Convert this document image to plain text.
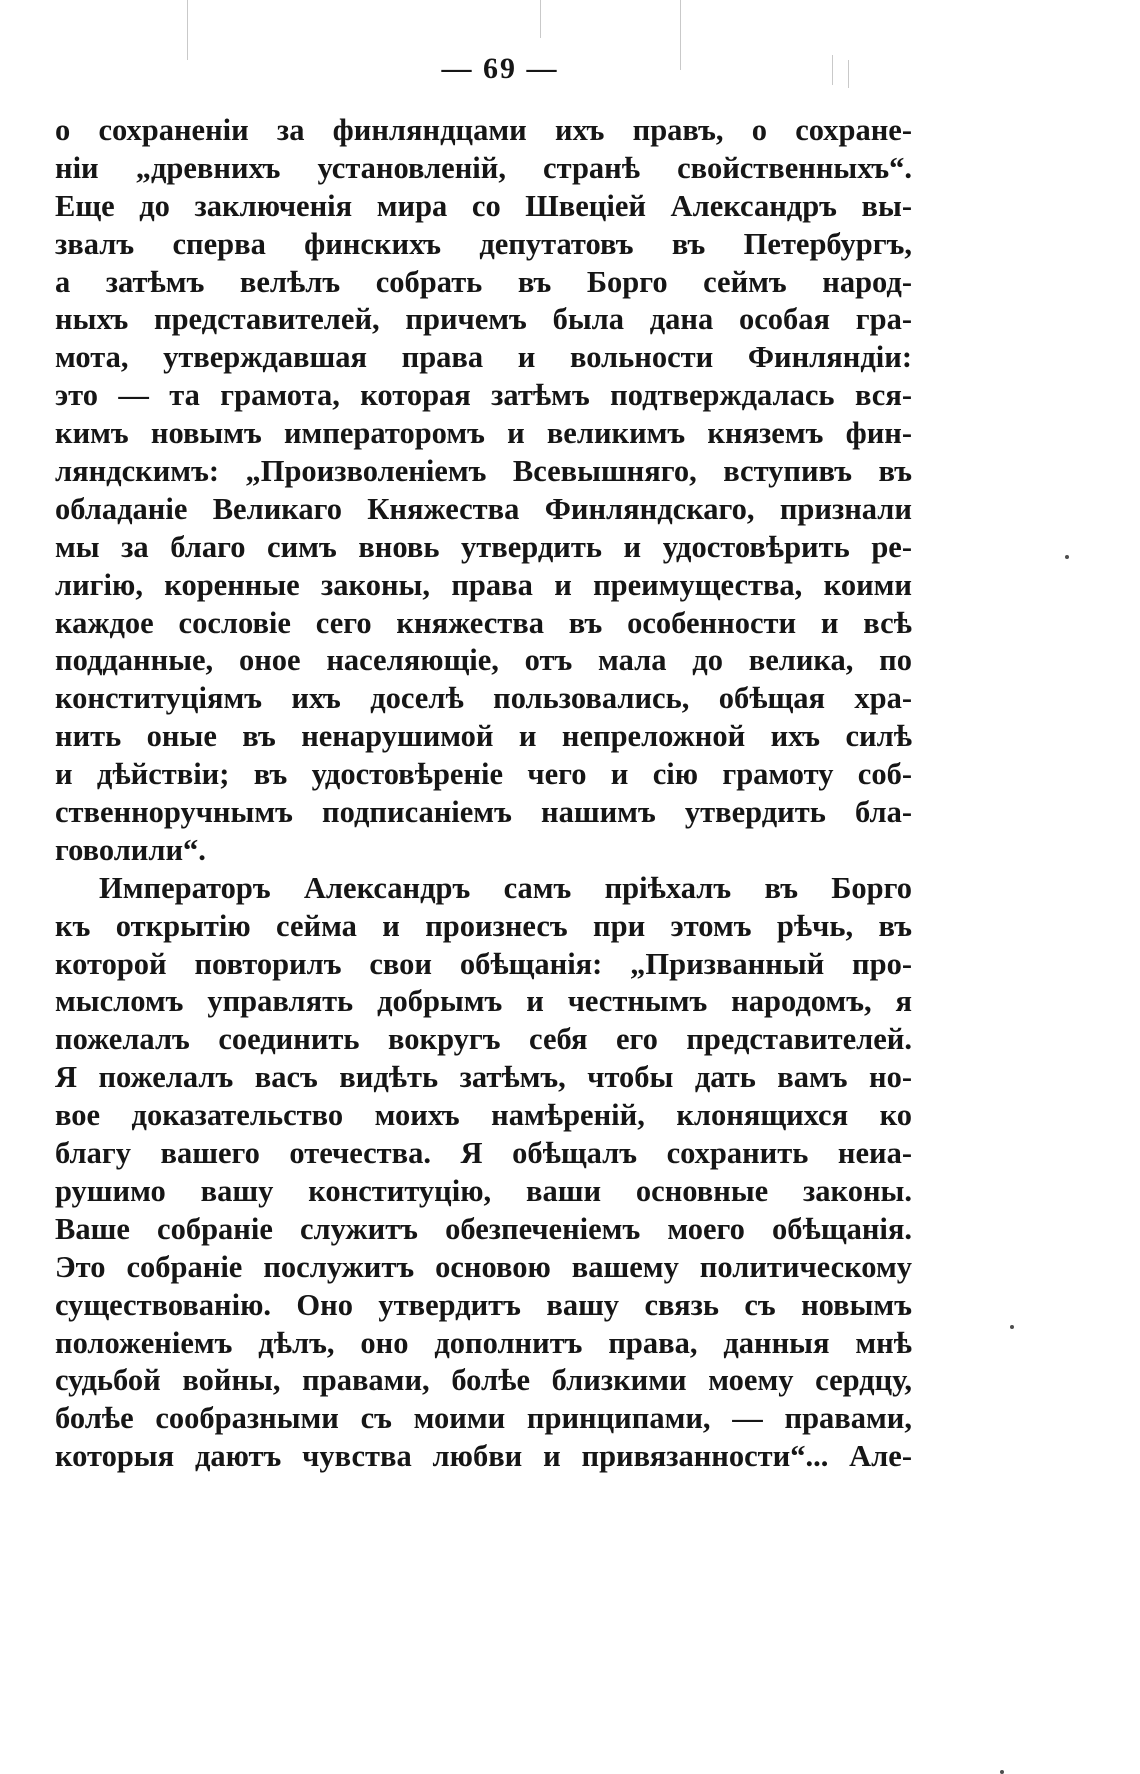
— 69 —
о сохраненіи за финляндцами ихъ правъ, о сохране-
ніи „древнихъ установленій, странѣ свойственныхъ“.
Еще до заключенія мира со Швеціей Александръ вы-
звалъ сперва финскихъ депутатовъ въ Петербургъ,
а затѣмъ велѣлъ собрать въ Борго сеймъ народ-
ныхъ представителей, причемъ была дана особая гра-
мота, утверждавшая права и вольности Финляндіи:
это — та грамота, которая затѣмъ подтверждалась вся-
кимъ новымъ императоромъ и великимъ княземъ фин-
ляндскимъ: „Произволеніемъ Всевышняго, вступивъ въ
обладаніе Великаго Княжества Финляндскаго, признали
мы за благо симъ вновь утвердить и удостовѣрить ре-
лигію, коренные законы, права и преимущества, коими
каждое сословіе сего княжества въ особенности и всѣ
подданные, оное населяющіе, отъ мала до велика, по
конституціямъ ихъ доселѣ пользовались, обѣщая хра-
нить оные въ ненарушимой и непреложной ихъ силѣ
и дѣйствіи; въ удостовѣреніе чего и сію грамоту соб-
ственноручнымъ подписаніемъ нашимъ утвердить бла-
говолили“.
Императоръ Александръ самъ пріѣхалъ въ Борго
къ открытію сейма и произнесъ при этомъ рѣчь, въ
которой повторилъ свои обѣщанія: „Призванный про-
мысломъ управлять добрымъ и честнымъ народомъ, я
пожелалъ соединить вокругъ себя его представителей.
Я пожелалъ васъ видѣть затѣмъ, чтобы дать вамъ но-
вое доказательство моихъ намѣреній, клонящихся ко
благу вашего отечества. Я обѣщалъ сохранить неиа-
рушимо вашу конституцію, ваши основные законы.
Ваше собраніе служитъ обезпеченіемъ моего обѣщанія.
Это собраніе послужитъ основою вашему политическому
существованію. Оно утвердитъ вашу связь съ новымъ
положеніемъ дѣлъ, оно дополнитъ права, данныя мнѣ
судьбой войны, правами, болѣе близкими моему сердцу,
болѣе сообразными съ моими принципами, — правами,
которыя даютъ чувства любви и привязанности“... Але-
